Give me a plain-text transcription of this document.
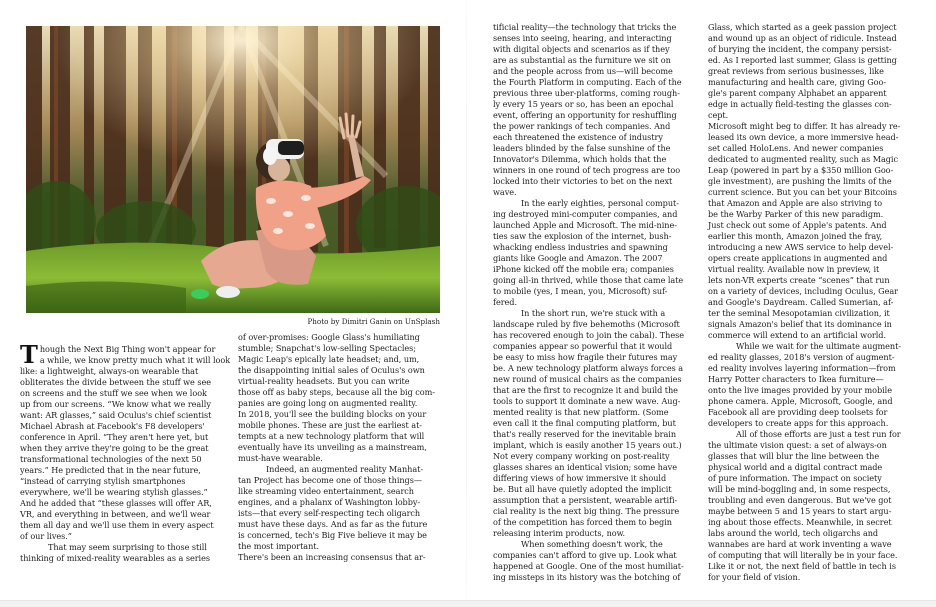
Photo by Dimitri Ganin on UnSplash
T hough the Next Big Thing won't appear for
a while, we know pretty much what it will look
like: a lightweight, always-on wearable that
obliterates the divide between the stuff we see
on screens and the stuff we see when we look
up from our screens. “We know what we really
want: AR glasses,” said Oculus's chief scientist
Michael Abrash at Facebook's F8 developers'
conference in April. “They aren't here yet, but
when they arrive they're going to be the great
transformational technologies of the next 50
years.” He predicted that in the near future,
“instead of carrying stylish smartphones
everywhere, we'll be wearing stylish glasses.”
And he added that “these glasses will offer AR,
VR, and everything in between, and we'll wear
them all day and we'll use them in every aspect
of our lives.”
That may seem surprising to those still
thinking of mixed-reality wearables as a series
of over-promises: Google Glass's humiliating
stumble; Snapchat's low-selling Spectacles;
Magic Leap's epically late headset; and, um,
the disappointing initial sales of Oculus's own
virtual-reality headsets. But you can write
those off as baby steps, because all the big com-
panies are going long on augmented reality.
In 2018, you'll see the building blocks on your
mobile phones. These are just the earliest at-
tempts at a new technology platform that will
eventually have its unveiling as a mainstream,
must-have wearable.
Indeed, an augmented reality Manhat-
tan Project has become one of those things—
like streaming video entertainment, search
engines, and a phalanx of Washington lobby-
ists—that every self-respecting tech oligarch
must have these days. And as far as the future
is concerned, tech's Big Five believe it may be
the most important.
There's been an increasing consensus that ar-
tificial reality—the technology that tricks the
senses into seeing, hearing, and interacting
with digital objects and scenarios as if they
are as substantial as the furniture we sit on
and the people across from us—will become
the Fourth Platform in computing. Each of the
previous three uber-platforms, coming rough-
ly every 15 years or so, has been an epochal
event, offering an opportunity for reshuffling
the power rankings of tech companies. And
each threatened the existence of industry
leaders blinded by the false sunshine of the
Innovator's Dilemma, which holds that the
winners in one round of tech progress are too
locked into their victories to bet on the next
wave.
In the early eighties, personal comput-
ing destroyed mini-computer companies, and
launched Apple and Microsoft. The mid-nine-
ties saw the explosion of the internet, bush-
whacking endless industries and spawning
giants like Google and Amazon. The 2007
iPhone kicked off the mobile era; companies
going all-in thrived, while those that came late
to mobile (yes, I mean, you, Microsoft) suf-
fered.
In the short run, we're stuck with a
landscape ruled by five behemoths (Microsoft
has recovered enough to join the cabal). These
companies appear so powerful that it would
be easy to miss how fragile their futures may
be. A new technology platform always forces a
new round of musical chairs as the companies
that are the first to recognize it and build the
tools to support it dominate a new wave. Aug-
mented reality is that new platform. (Some
even call it the final computing platform, but
that's really reserved for the inevitable brain
implant, which is easily another 15 years out.)
Not every company working on post-reality
glasses shares an identical vision; some have
differing views of how immersive it should
be. But all have quietly adopted the implicit
assumption that a persistent, wearable artifi-
cial reality is the next big thing. The pressure
of the competition has forced them to begin
releasing interim products, now.
When something doesn't work, the
companies can't afford to give up. Look what
happened at Google. One of the most humiliat-
ing missteps in its history was the botching of
Glass, which started as a geek passion project
and wound up as an object of ridicule. Instead
of burying the incident, the company persist-
ed. As I reported last summer, Glass is getting
great reviews from serious businesses, like
manufacturing and health care, giving Goo-
gle's parent company Alphabet an apparent
edge in actually field-testing the glasses con-
cept.
Microsoft might beg to differ. It has already re-
leased its own device, a more immersive head-
set called HoloLens. And newer companies
dedicated to augmented reality, such as Magic
Leap (powered in part by a $350 million Goo-
gle investment), are pushing the limits of the
current science. But you can bet your Bitcoins
that Amazon and Apple are also striving to
be the Warby Parker of this new paradigm.
Just check out some of Apple's patents. And
earlier this month, Amazon joined the fray,
introducing a new AWS service to help devel-
opers create applications in augmented and
virtual reality. Available now in preview, it
lets non-VR experts create “scenes” that run
on a variety of devices, including Oculus, Gear
and Google's Daydream. Called Sumerian, af-
ter the seminal Mesopotamian civilization, it
signals Amazon's belief that its dominance in
commerce will extend to an artificial world.
While we wait for the ultimate augment-
ed reality glasses, 2018's version of augment-
ed reality involves layering information—from
Harry Potter characters to Ikea furniture—
onto the live images provided by your mobile
phone camera. Apple, Microsoft, Google, and
Facebook all are providing deep toolsets for
developers to create apps for this approach.
All of those efforts are just a test run for
the ultimate vision quest: a set of always-on
glasses that will blur the line between the
physical world and a digital contract made
of pure information. The impact on society
will be mind-boggling and, in some respects,
troubling and even dangerous. But we've got
maybe between 5 and 15 years to start argu-
ing about those effects. Meanwhile, in secret
labs around the world, tech oligarchs and
wannabes are hard at work inventing a wave
of computing that will literally be in your face.
Like it or not, the next field of battle in tech is
for your field of vision.
